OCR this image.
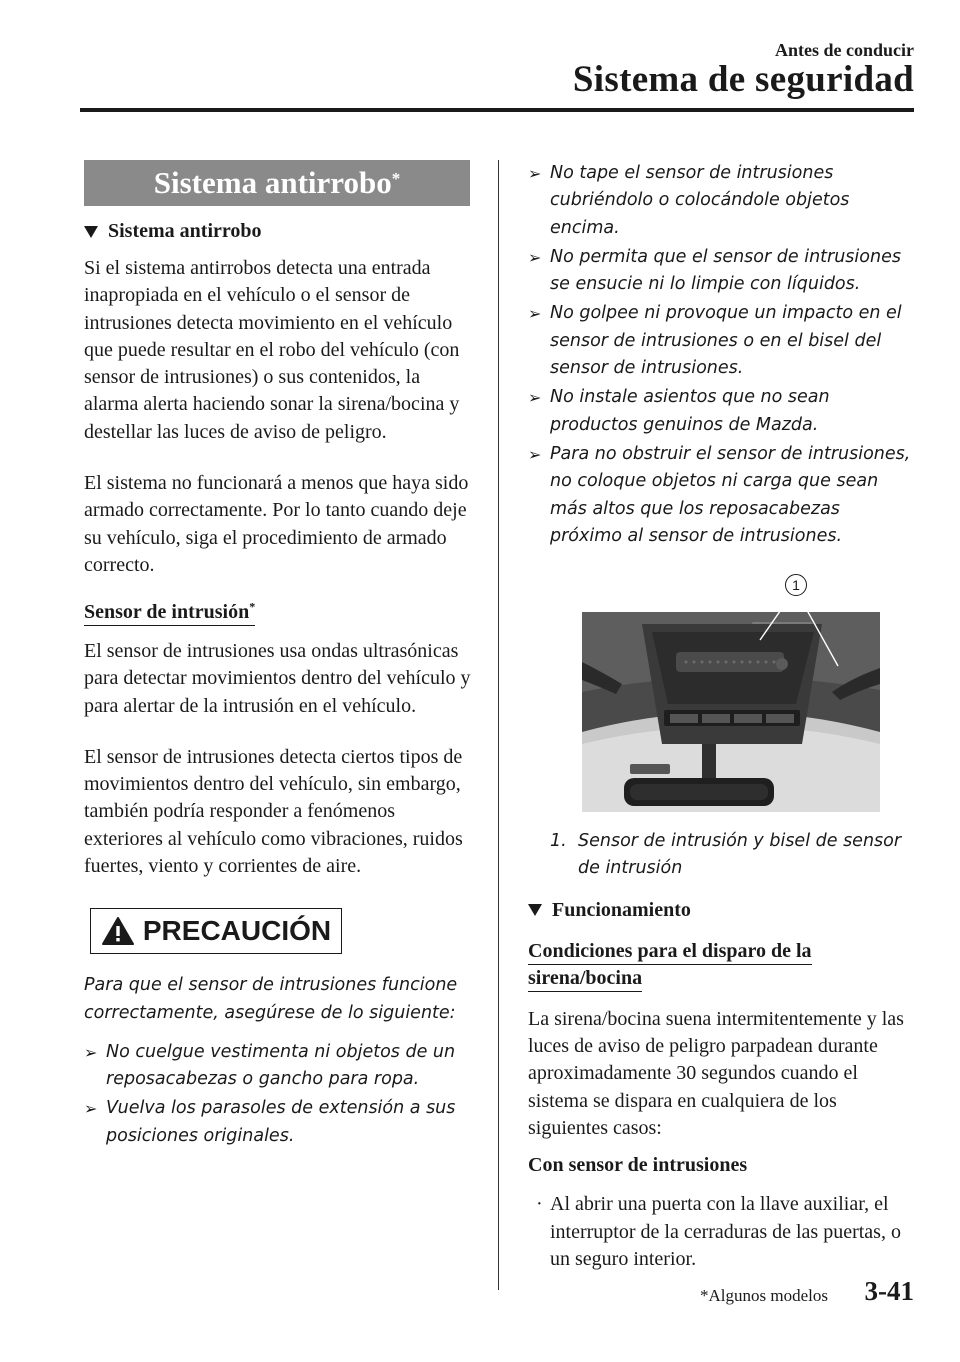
Antes de conducir
Sistema de seguridad
Sistema antirrobo*
Sistema antirrobo

Si el sistema antirrobos detecta una entrada inapropiada en el vehículo o el sensor de intrusiones detecta movimiento en el vehículo que puede resultar en el robo del vehículo (con sensor de intrusiones) o sus contenidos, la alarma alerta haciendo sonar la sirena/bocina y destellar las luces de aviso de peligro.

El sistema no funcionará a menos que haya sido armado correctamente. Por lo tanto cuando deje su vehículo, siga el procedimiento de armado correcto.

Sensor de intrusión*

El sensor de intrusiones usa ondas ultrasónicas para detectar movimientos dentro del vehículo y para alertar de la intrusión en el vehículo.

El sensor de intrusiones detecta ciertos tipos de movimientos dentro del vehículo, sin embargo, también podría responder a fenómenos exteriores al vehículo como vibraciones, ruidos fuertes, viento y corrientes de aire.

PRECAUCIÓN
Para que el sensor de intrusiones funcione correctamente, asegúrese de lo siguiente:
➢ No cuelgue vestimenta ni objetos de un reposacabezas o gancho para ropa.
➢ Vuelva los parasoles de extensión a sus posiciones originales.
➢ No tape el sensor de intrusiones cubriéndolo o colocándole objetos encima.
➢ No permita que el sensor de intrusiones se ensucie ni lo limpie con líquidos.
➢ No golpee ni provoque un impacto en el sensor de intrusiones o en el bisel del sensor de intrusiones.
➢ No instale asientos que no sean productos genuinos de Mazda.
➢ Para no obstruir el sensor de intrusiones, no coloque objetos ni carga que sean más altos que los reposacabezas próximo al sensor de intrusiones.
1
1. Sensor de intrusión y bisel de sensor de intrusión
Funcionamiento
Condiciones para el disparo de la
sirena/bocina

La sirena/bocina suena intermitentemente y las luces de aviso de peligro parpadean durante aproximadamente 30 segundos cuando el sistema se dispara en cualquiera de los siguientes casos:

Con sensor de intrusiones

· Al abrir una puerta con la llave auxiliar, el interruptor de la cerraduras de las puertas, o un seguro interior.

*Algunos modelos 3-41
